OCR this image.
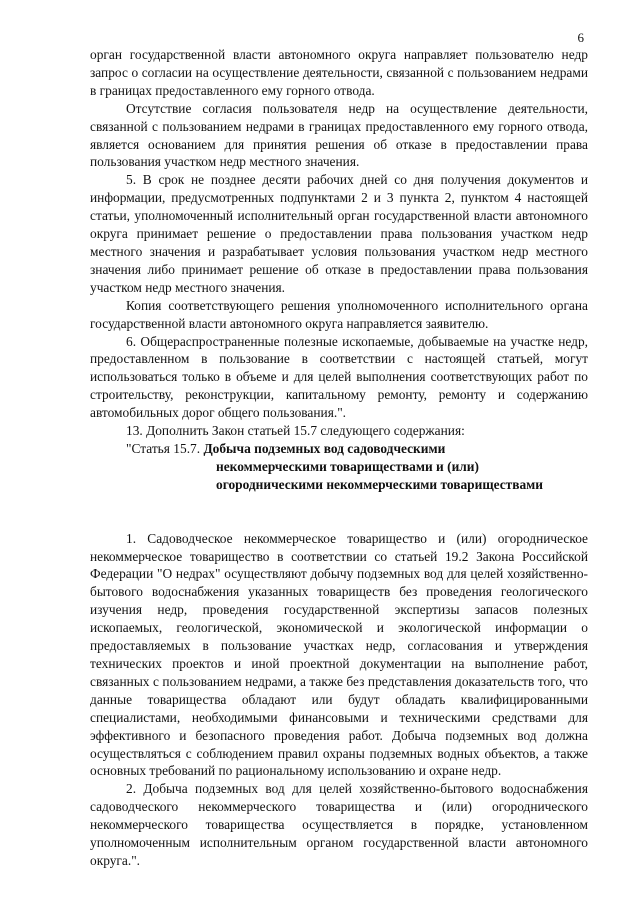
6

орган государственной власти автономного округа направляет пользователю недр запрос о согласии на осуществление деятельности, связанной с пользованием недрами в границах предоставленного ему горного отвода.

Отсутствие согласия пользователя недр на осуществление деятельности, связанной с пользованием недрами в границах предоставленного ему горного отвода, является основанием для принятия решения об отказе в предоставлении права пользования участком недр местного значения.

5. В срок не позднее десяти рабочих дней со дня получения документов и информации, предусмотренных подпунктами 2 и 3 пункта 2, пунктом 4 настоящей статьи, уполномоченный исполнительный орган государственной власти автономного округа принимает решение о предоставлении права пользования участком недр местного значения и разрабатывает условия пользования участком недр местного значения либо принимает решение об отказе в предоставлении права пользования участком недр местного значения.

Копия соответствующего решения уполномоченного исполнительного органа государственной власти автономного округа направляется заявителю.

6. Общераспространенные полезные ископаемые, добываемые на участке недр, предоставленном в пользование в соответствии с настоящей статьей, могут использоваться только в объеме и для целей выполнения соответствующих работ по строительству, реконструкции, капитальному ремонту, ремонту и содержанию автомобильных дорог общего пользования.".

13. Дополнить Закон статьей 15.7 следующего содержания:

"Статья 15.7. Добыча подземных вод садоводческими
некоммерческими товариществами и (или)
огородническими некоммерческими товариществами

1. Садоводческое некоммерческое товарищество и (или) огородническое некоммерческое товарищество в соответствии со статьей 19.2 Закона Российской Федерации "О недрах" осуществляют добычу подземных вод для целей хозяйственно-бытового водоснабжения указанных товариществ без проведения геологического изучения недр, проведения государственной экспертизы запасов полезных ископаемых, геологической, экономической и экологической информации о предоставляемых в пользование участках недр, согласования и утверждения технических проектов и иной проектной документации на выполнение работ, связанных с пользованием недрами, а также без представления доказательств того, что данные товарищества обладают или будут обладать квалифицированными специалистами, необходимыми финансовыми и техническими средствами для эффективного и безопасного проведения работ. Добыча подземных вод должна осуществляться с соблюдением правил охраны подземных водных объектов, а также основных требований по рациональному использованию и охране недр.

2. Добыча подземных вод для целей хозяйственно-бытового водоснабжения садоводческого некоммерческого товарищества и (или) огороднического некоммерческого товарищества осуществляется в порядке, установленном уполномоченным исполнительным органом государственной власти автономного округа.".
